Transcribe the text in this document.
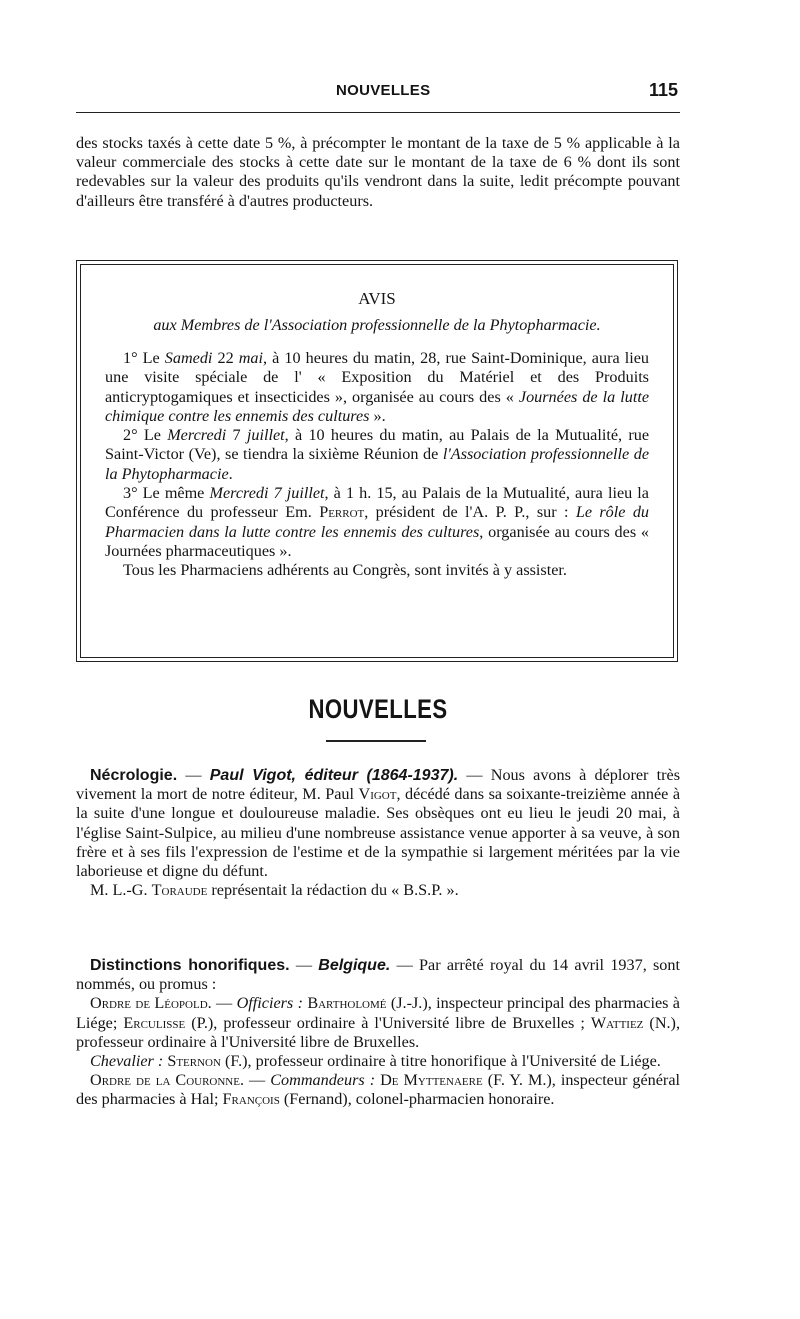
NOUVELLES	115

des stocks taxés à cette date 5 %, à précompter le montant de la taxe de 5 % applicable à la valeur commerciale des stocks à cette date sur le montant de la taxe de 6 % dont ils sont redevables sur la valeur des produits qu'ils vendront dans la suite, ledit précompte pouvant d'ailleurs être transféré à d'autres producteurs.

AVIS
aux Membres de l'Association professionnelle de la Phytopharmacie.

1° Le Samedi 22 mai, à 10 heures du matin, 28, rue Saint-Dominique, aura lieu une visite spéciale de l' « Exposition du Matériel et des Produits anticryptogamiques et insecticides », organisée au cours des « Journées de la lutte chimique contre les ennemis des cultures ».

2° Le Mercredi 7 juillet, à 10 heures du matin, au Palais de la Mutualité, rue Saint-Victor (Ve), se tiendra la sixième Réunion de l'Association professionnelle de la Phytopharmacie.

3° Le même Mercredi 7 juillet, à 1 h. 15, au Palais de la Mutualité, aura lieu la Conférence du professeur Em. Perrot, président de l'A. P. P., sur : Le rôle du Pharmacien dans la lutte contre les ennemis des cultures, organisée au cours des « Journées pharmaceutiques ».

Tous les Pharmaciens adhérents au Congrès, sont invités à y assister.

NOUVELLES

Nécrologie. — Paul Vigot, éditeur (1864-1937). — Nous avons à déplorer très vivement la mort de notre éditeur, M. Paul Vigot, décédé dans sa soixante-treizième année à la suite d'une longue et douloureuse maladie. Ses obsèques ont eu lieu le jeudi 20 mai, à l'église Saint-Sulpice, au milieu d'une nombreuse assistance venue apporter à sa veuve, à son frère et à ses fils l'expression de l'estime et de la sympathie si largement méritées par la vie laborieuse et digne du défunt.

M. L.-G. Toraude représentait la rédaction du « B.S.P. ».

Distinctions honorifiques. — Belgique. — Par arrêté royal du 14 avril 1937, sont nommés, ou promus :

Ordre de Léopold. — Officiers : Bartholomé (J.-J.), inspecteur principal des pharmacies à Liége; Erculisse (P.), professeur ordinaire à l'Université libre de Bruxelles ; Wattiez (N.), professeur ordinaire à l'Université libre de Bruxelles.

Chevalier : Sternon (F.), professeur ordinaire à titre honorifique à l'Université de Liége.

Ordre de la Couronne. — Commandeurs : De Myttenaere (F. Y. M.), inspecteur général des pharmacies à Hal; François (Fernand), colonel-pharmacien honoraire.
